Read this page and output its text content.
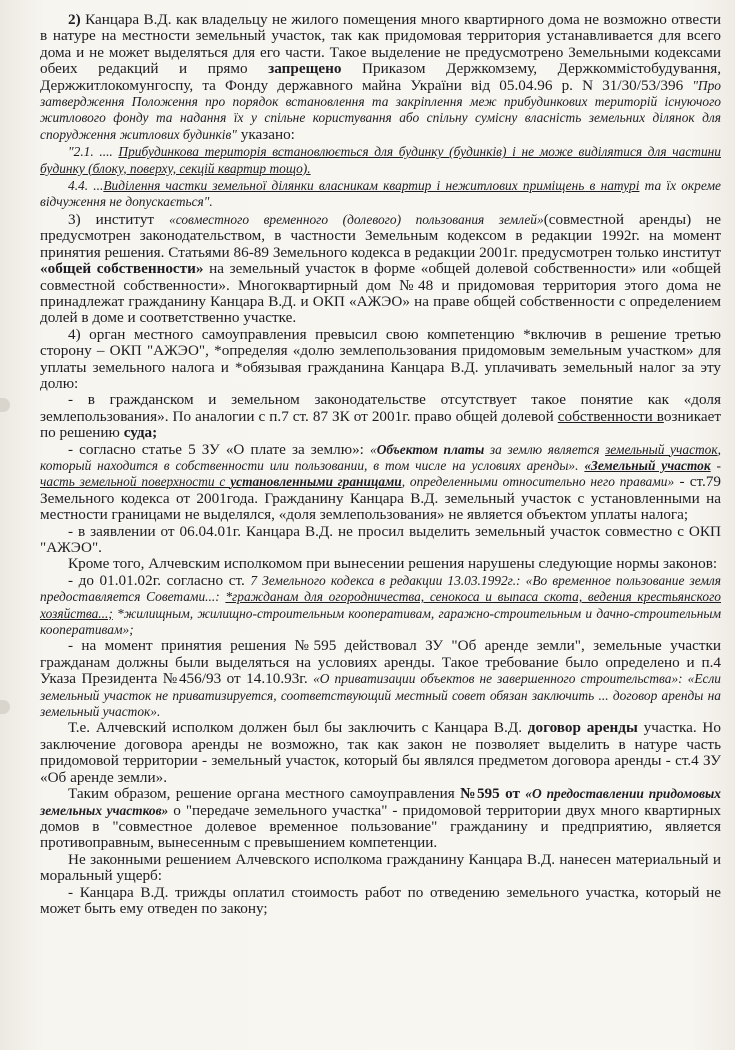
2) Канцара В.Д. как владельцу не жилого помещения много квартирного дома не возможно отвести в натуре на местности земельный участок, так как придомовая территория устанавливается для всего дома и не может выделяться для его части. Такое выделение не предусмотрено Земельными кодексами обеих редакций и прямо запрещено Приказом Держкомзему, Держкоммістобудування, Держжитлокомунгоспу, та Фонду державного майна України від 05.04.96 р. N 31/30/53/396 "Про затвердження Положення про порядок встановлення та закріплення меж прибудинкових територій існуючого житлового фонду та надання їх у спільне користування або спільну сумісну власність земельних ділянок для спорудження житлових будинків" указано:

"2.1. .... Прибудинкова територія встановлюється для будинку (будинків) і не може виділятися для частини будинку (блоку, поверху, секцій квартир тощо).

4.4. ...Виділення частки земельної ділянки власникам квартир і нежитлових приміщень в натурі та їх окреме відчуження не допускається".

3) институт «совместного временного (долевого) пользования землей»(совместной аренды) не предусмотрен законодательством, в частности Земельным кодексом в редакции 1992г. на момент принятия решения. Статьями 86-89 Земельного кодекса в редакции 2001г. предусмотрен только институт «общей собственности» на земельный участок в форме «общей долевой собственности» или «общей совместной собственности». Многоквартирный дом №48 и придомовая территория этого дома не принадлежат гражданину Канцара В.Д. и ОКП «АЖЭО» на праве общей собственности с определением долей в доме и соответственно участке.

4) орган местного самоуправления превысил свою компетенцию *включив в решение третью сторону – ОКП "АЖЭО", *определяя «долю землепользования придомовым земельным участком» для уплаты земельного налога и *обязывая гражданина Канцара В.Д. уплачивать земельный налог за эту долю:

- в гражданском и земельном законодательстве отсутствует такое понятие как «доля землепользования». По аналогии с п.7 ст. 87 ЗК от 2001г. право общей долевой собственности возникает по решению суда;

- согласно статье 5 ЗУ «О плате за землю»: «Объектом платы за землю является земельный участок, который находится в собственности или пользовании, в том числе на условиях аренды». «Земельный участок - часть земельной поверхности с установленными границами, определенными относительно него правами» - ст.79 Земельного кодекса от 2001года. Гражданину Канцара В.Д. земельный участок с установленными на местности границами не выделялся, «доля землепользования» не является объектом уплаты налога;

- в заявлении от 06.04.01г. Канцара В.Д. не просил выделить земельный участок совместно с ОКП "АЖЭО".

Кроме того, Алчевским исполкомом при вынесении решения нарушены следующие нормы законов:

- до 01.01.02г. согласно ст. 7 Земельного кодекса в редакции 13.03.1992г.: «Во временное пользование земля предоставляется Советами...: *гражданам для огородничества, сенокоса и выпаса скота, ведения крестьянского хозяйства...; *жилищным, жилищно-строительным кооперативам, гаражно-строительным и дачно-строительным кооперативам»;

- на момент принятия решения №595 действовал ЗУ "Об аренде земли", земельные участки гражданам должны были выделяться на условиях аренды. Такое требование было определено и п.4 Указа Президента №456/93 от 14.10.93г. «О приватизации объектов не завершенного строительства»: «Если земельный участок не приватизируется, соответствующий местный совет обязан заключить ... договор аренды на земельный участок».

Т.е. Алчевский исполком должен был бы заключить с Канцара В.Д. договор аренды участка. Но заключение договора аренды не возможно, так как закон не позволяет выделить в натуре часть придомовой территории - земельный участок, который бы являлся предметом договора аренды - ст.4 ЗУ «Об аренде земли».

Таким образом, решение органа местного самоуправления №595 от «О предоставлении придомовых земельных участков» о "передаче земельного участка" - придомовой территории двух много квартирных домов в "совместное долевое временное пользование" гражданину и предприятию, является противоправным, вынесенным с превышением компетенции.

Не законными решением Алчевского исполкома гражданину Канцара В.Д. нанесен материальный и моральный ущерб:

- Канцара В.Д. трижды оплатил стоимость работ по отведению земельного участка, который не может быть ему отведен по закону;
